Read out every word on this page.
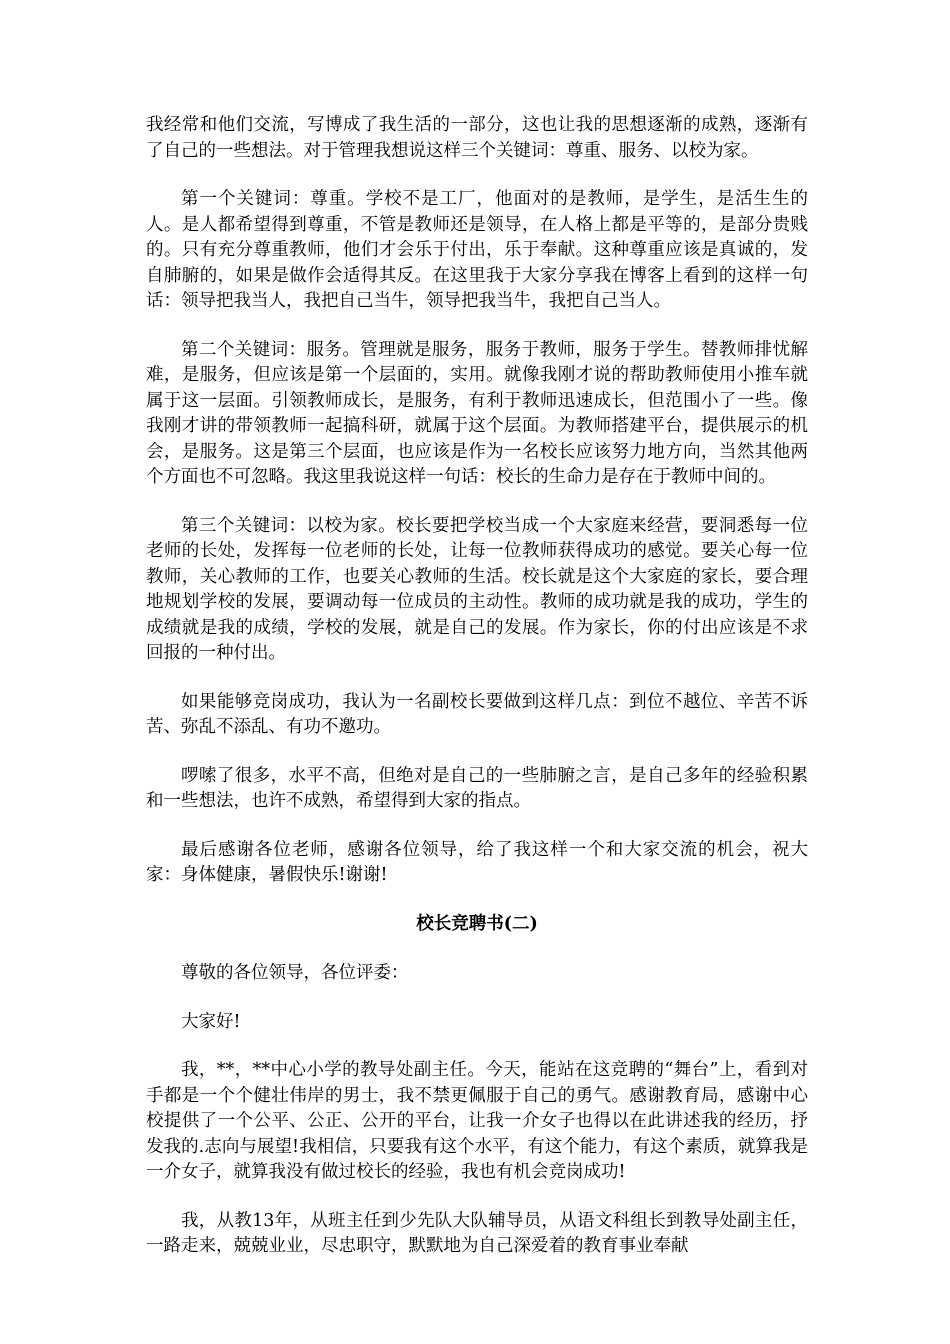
我经常和他们交流，写博成了我生活的一部分，这也让我的思想逐渐的成熟，逐渐有了自己的一些想法。对于管理我想说这样三个关键词：尊重、服务、以校为家。

第一个关键词：尊重。学校不是工厂，他面对的是教师，是学生，是活生生的人。是人都希望得到尊重，不管是教师还是领导，在人格上都是平等的，是部分贵贱的。只有充分尊重教师，他们才会乐于付出，乐于奉献。这种尊重应该是真诚的，发自肺腑的，如果是做作会适得其反。在这里我于大家分享我在博客上看到的这样一句话：领导把我当人，我把自己当牛，领导把我当牛，我把自己当人。

第二个关键词：服务。管理就是服务，服务于教师，服务于学生。替教师排忧解难，是服务，但应该是第一个层面的，实用。就像我刚才说的帮助教师使用小推车就属于这一层面。引领教师成长，是服务，有利于教师迅速成长，但范围小了一些。像我刚才讲的带领教师一起搞科研，就属于这个层面。为教师搭建平台，提供展示的机会，是服务。这是第三个层面，也应该是作为一名校长应该努力地方向，当然其他两个方面也不可忽略。我这里我说这样一句话：校长的生命力是存在于教师中间的。

第三个关键词：以校为家。校长要把学校当成一个大家庭来经营，要洞悉每一位老师的长处，发挥每一位老师的长处，让每一位教师获得成功的感觉。要关心每一位教师，关心教师的工作，也要关心教师的生活。校长就是这个大家庭的家长，要合理地规划学校的发展，要调动每一位成员的主动性。教师的成功就是我的成功，学生的成绩就是我的成绩，学校的发展，就是自己的发展。作为家长，你的付出应该是不求回报的一种付出。

如果能够竞岗成功，我认为一名副校长要做到这样几点：到位不越位、辛苦不诉苦、弥乱不添乱、有功不邀功。

啰嗦了很多，水平不高，但绝对是自己的一些肺腑之言，是自己多年的经验积累和一些想法，也许不成熟，希望得到大家的指点。

最后感谢各位老师，感谢各位领导，给了我这样一个和大家交流的机会，祝大家：身体健康，暑假快乐!谢谢!

校长竞聘书(二)

尊敬的各位领导，各位评委：

大家好!

我，**，**中心小学的教导处副主任。今天，能站在这竞聘的“舞台”上，看到对手都是一个个健壮伟岸的男士，我不禁更佩服于自己的勇气。感谢教育局，感谢中心校提供了一个公平、公正、公开的平台，让我一介女子也得以在此讲述我的经历，抒发我的.志向与展望!我相信，只要我有这个水平，有这个能力，有这个素质，就算我是一介女子，就算我没有做过校长的经验，我也有机会竞岗成功!

我，从教13年，从班主任到少先队大队辅导员，从语文科组长到教导处副主任，一路走来，兢兢业业，尽忠职守，默默地为自己深爱着的教育事业奉献
